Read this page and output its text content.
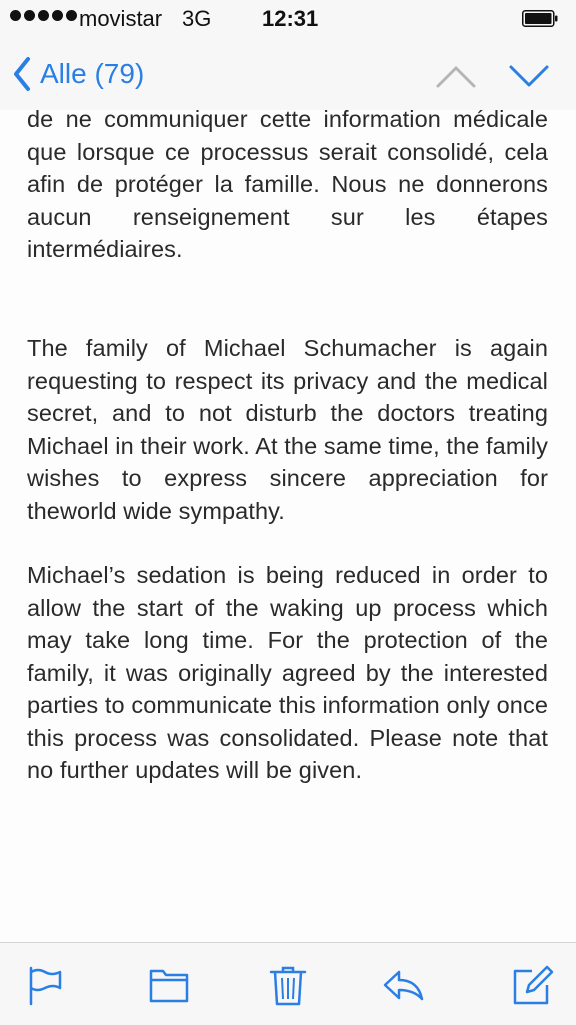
movistar 3G 12:31
Alle (79)

de ne communiquer cette information médicale que lorsque ce processus serait consolidé, cela afin de protéger la famille. Nous ne donnerons aucun renseignement sur les étapes intermédiaires.

The family of Michael Schumacher is again requesting to respect its privacy and the medical secret, and to not disturb the doctors treating Michael in their work. At the same time, the family wishes to express sincere appreciation for theworld wide sympathy.

Michael’s sedation is being reduced in order to allow the start of the waking up process which may take long time. For the protection of the family, it was originally agreed by the interested parties to communicate this information only once this process was consolidated. Please note that no further updates will be given.
